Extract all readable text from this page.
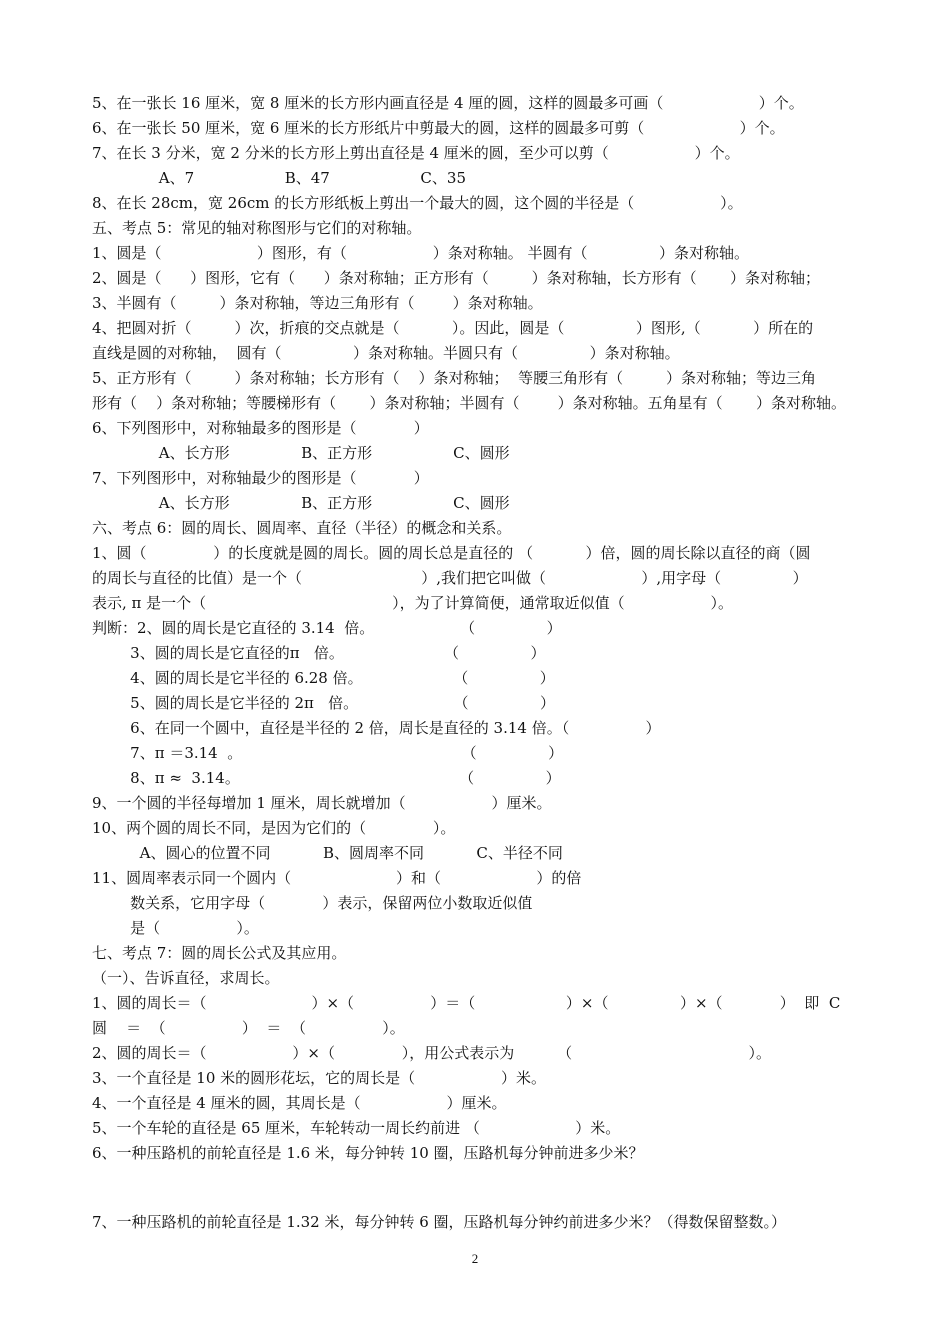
5、在一张长 16 厘米，宽 8 厘米的长方形内画直径是 4 厘的圆，这样的圆最多可画（                    ）个。
6、在一张长 50 厘米，宽 6 厘米的长方形纸片中剪最大的圆，这样的圆最多可剪（                    ）个。
7、在长 3 分米，宽 2 分米的长方形上剪出直径是 4 厘米的圆，至少可以剪（                  ）个。
A、7                   B、47                   C、35
8、在长 28cm，宽 26cm 的长方形纸板上剪出一个最大的圆，这个圆的半径是（                  ）。
五、考点 5：常见的轴对称图形与它们的对称轴。
1、圆是（                    ）图形，有（                  ）条对称轴。 半圆有（               ）条对称轴。
2、圆是（      ）图形，它有（      ）条对称轴；正方形有（         ）条对称轴，长方形有（       ）条对称轴；
3、半圆有（         ）条对称轴，等边三角形有（        ）条对称轴。
4、把圆对折（         ）次，折痕的交点就是（           ）。因此，圆是（               ）图形,（           ）所在的
直线是圆的对称轴，  圆有（               ）条对称轴。半圆只有（               ）条对称轴。
5、正方形有（         ）条对称轴；长方形有（    ）条对称轴；  等腰三角形有（         ）条对称轴；等边三角
形有（    ）条对称轴；等腰梯形有（       ）条对称轴；半圆有（        ）条对称轴。五角星有（       ）条对称轴。
6、下列图形中，对称轴最多的图形是（            ）
A、长方形               B、正方形                 C、圆形
7、下列图形中，对称轴最少的图形是（            ）
A、长方形               B、正方形                 C、圆形
六、考点 6：圆的周长、圆周率、直径（半径）的概念和关系。
1、圆（              ）的长度就是圆的周长。圆的周长总是直径的 （           ）倍，圆的周长除以直径的商（圆
的周长与直径的比值）是一个（                         ）,我们把它叫做（                    ）,用字母（               ）
表示, π 是一个（                                       ），为了计算简便，通常取近似值（                  ）。
判断：2、圆的周长是它直径的 3.14  倍。                  （               ）
3、圆的周长是它直径的π   倍。                     （               ）
4、圆的周长是它半径的 6.28 倍。                   （               ）
5、圆的周长是它半径的 2π   倍。                    （               ）
6、在同一个圆中，直径是半径的 2 倍，周长是直径的 3.14 倍。（                ）
7、π ＝3.14  。                                              （               ）
8、π ≈  3.14。                                              （               ）
9、一个圆的半径每增加 1 厘米，周长就增加（                  ）厘米。
10、两个圆的周长不同，是因为它们的（              ）。
A、圆心的位置不同           B、圆周率不同           C、半径不同
11、圆周率表示同一个圆内（                      ）和（                    ）的倍
数关系，它用字母（            ）表示，保留两位小数取近似值
是（                ）。
七、考点 7：圆的周长公式及其应用。
（一）、告诉直径，求周长。
1、圆的周长＝（                      ）×（                ）＝（                   ）×（               ）×（            ）  即  C
圆    ＝  （                ）  ＝  （                ）。
2、圆的周长＝（                  ）×（              ），用公式表示为         （                                     ）。
3、一个直径是 10 米的圆形花坛，它的周长是（                  ）米。
4、一个直径是 4 厘米的圆，其周长是（                  ）厘米。
5、一个车轮的直径是 65 厘米，车轮转动一周长约前进 （                    ）米。
6、一种压路机的前轮直径是 1.6 米，每分钟转 10 圈，压路机每分钟前进多少米？
7、一种压路机的前轮直径是 1.32 米，每分钟转 6 圈，压路机每分钟约前进多少米？（得数保留整数。）
2
